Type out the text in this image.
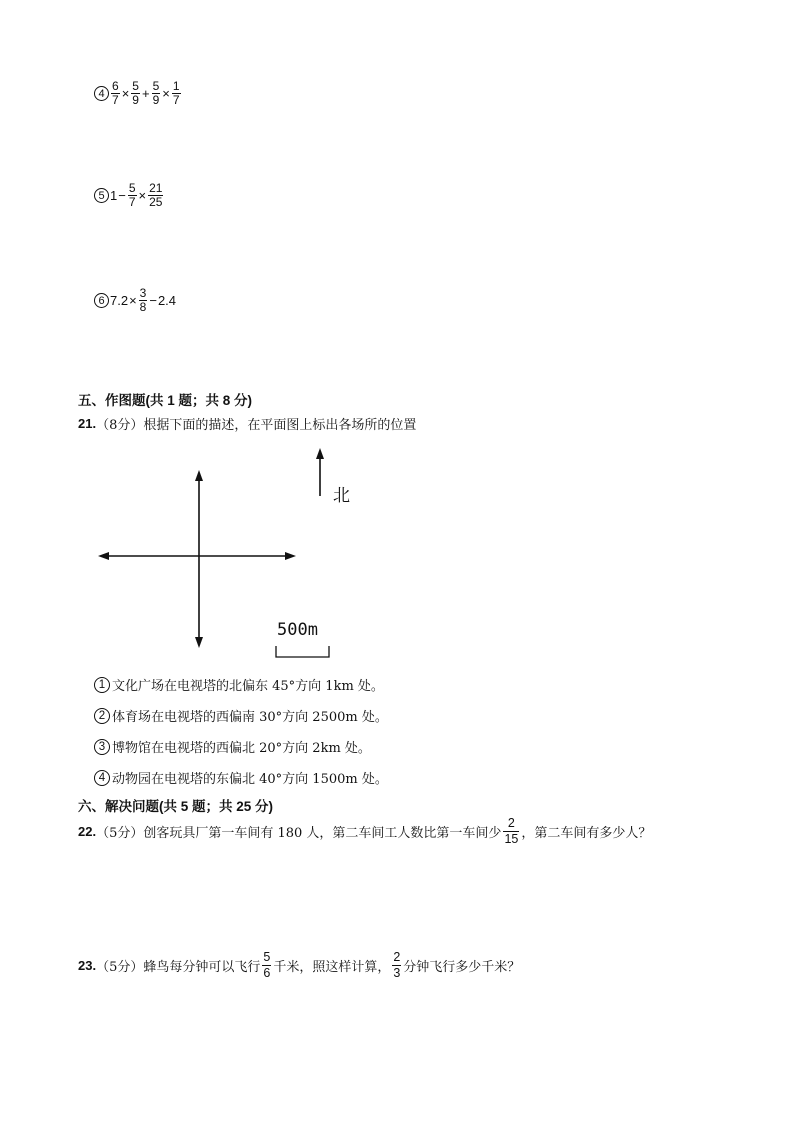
$4 \frac{6}{7} \times \frac{5}{9} + \frac{5}{9} \times \frac{1}{7}$
5 $1 - \frac{5}{7} \times \frac{21}{25}$
6 $7.2 \times \frac{3}{8} - 2.4$
五、作图题(共 1 题；共 8 分)
21. （8分）根据下面的描述，在平面图上标出各场所的位置
北
500m
1 文化广场在电视塔的北偏东 45°方向 1km 处。
2 体育场在电视塔的西偏南 30°方向 2500m 处。
3 博物馆在电视塔的西偏北 20°方向 2km 处。
4 动物园在电视塔的东偏北 40°方向 1500m 处。
六、解决问题(共 5 题；共 25 分)
22. （5分）创客玩具厂第一车间有 180 人，第二车间工人数比第一车间少 $\frac{2}{15}$ ，第二车间有多少人？
23. （5分）蜂鸟每分钟可以飞行 $\frac{5}{6}$ 千米，照这样计算， $\frac{2}{3}$ 分钟飞行多少千米？
